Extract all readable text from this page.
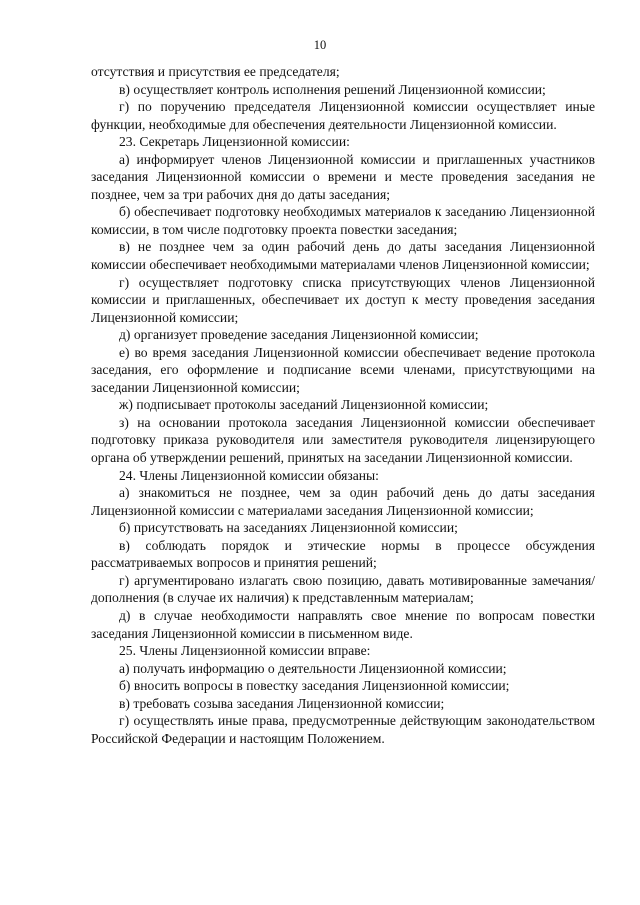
10

отсутствия и присутствия ее председателя;

в) осуществляет контроль исполнения решений Лицензионной комиссии;

г) по поручению председателя Лицензионной комиссии осуществляет иные функции, необходимые для обеспечения деятельности Лицензионной комиссии.

23. Секретарь Лицензионной комиссии:

а) информирует членов Лицензионной комиссии и приглашенных участников заседания Лицензионной комиссии о времени и месте проведения заседания не позднее, чем за три рабочих дня до даты заседания;

б) обеспечивает подготовку необходимых материалов к заседанию Лицензионной комиссии, в том числе подготовку проекта повестки заседания;

в) не позднее чем за один рабочий день до даты заседания Лицензионной комиссии обеспечивает необходимыми материалами членов Лицензионной комиссии;

г) осуществляет подготовку списка присутствующих членов Лицензионной комиссии и приглашенных, обеспечивает их доступ к месту проведения заседания Лицензионной комиссии;

д) организует проведение заседания Лицензионной комиссии;

е) во время заседания Лицензионной комиссии обеспечивает ведение протокола заседания, его оформление и подписание всеми членами, присутствующими на заседании Лицензионной комиссии;

ж) подписывает протоколы заседаний Лицензионной комиссии;

з) на основании протокола заседания Лицензионной комиссии обеспечивает подготовку приказа руководителя или заместителя руководителя лицензирующего органа об утверждении решений, принятых на заседании Лицензионной комиссии.

24. Члены Лицензионной комиссии обязаны:

а) знакомиться не позднее, чем за один рабочий день до даты заседания Лицензионной комиссии с материалами заседания Лицензионной комиссии;

б) присутствовать на заседаниях Лицензионной комиссии;

в) соблюдать порядок и этические нормы в процессе обсуждения рассматриваемых вопросов и принятия решений;

г) аргументировано излагать свою позицию, давать мотивированные замечания/дополнения (в случае их наличия) к представленным материалам;

д) в случае необходимости направлять свое мнение по вопросам повестки заседания Лицензионной комиссии в письменном виде.

25. Члены Лицензионной комиссии вправе:

а) получать информацию о деятельности Лицензионной комиссии;

б) вносить вопросы в повестку заседания Лицензионной комиссии;

в) требовать созыва заседания Лицензионной комиссии;

г) осуществлять иные права, предусмотренные действующим законодательством Российской Федерации и настоящим Положением.
